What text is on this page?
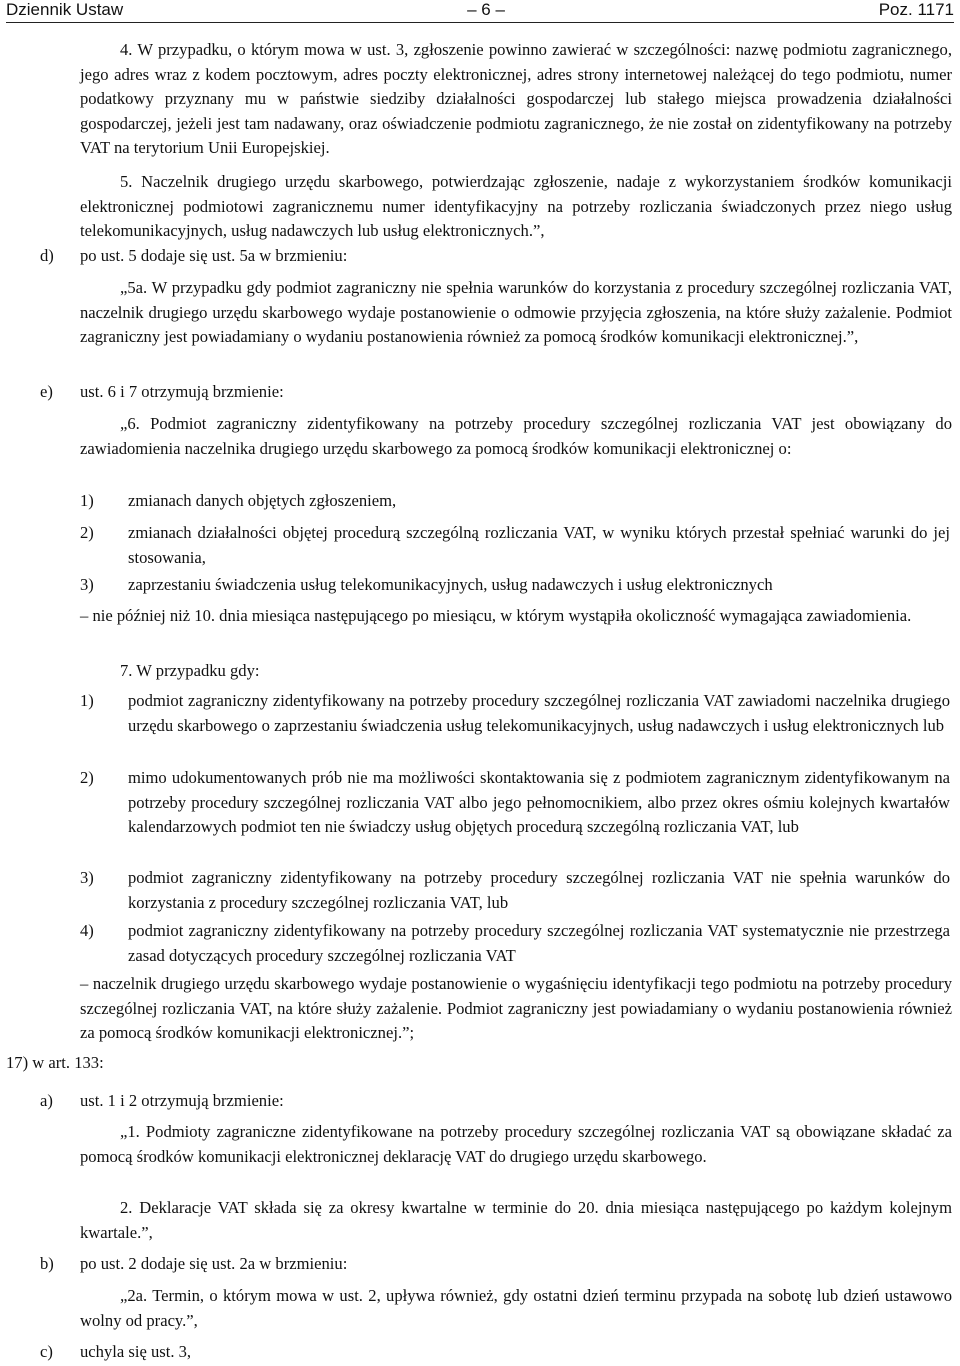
Dziennik Ustaw	– 6 –	Poz. 1171
4. W przypadku, o którym mowa w ust. 3, zgłoszenie powinno zawierać w szczególności: nazwę podmiotu zagranicznego, jego adres wraz z kodem pocztowym, adres poczty elektronicznej, adres strony internetowej należącej do tego podmiotu, numer podatkowy przyznany mu w państwie siedziby działalności gospodarczej lub stałego miejsca prowadzenia działalności gospodarczej, jeżeli jest tam nadawany, oraz oświadczenie podmiotu zagranicznego, że nie został on zidentyfikowany na potrzeby VAT na terytorium Unii Europejskiej.
5. Naczelnik drugiego urzędu skarbowego, potwierdzając zgłoszenie, nadaje z wykorzystaniem środków komunikacji elektronicznej podmiotowi zagranicznemu numer identyfikacyjny na potrzeby rozliczania świadczonych przez niego usług telekomunikacyjnych, usług nadawczych lub usług elektronicznych.”,
d) po ust. 5 dodaje się ust. 5a w brzmieniu:
„5a. W przypadku gdy podmiot zagraniczny nie spełnia warunków do korzystania z procedury szczególnej rozliczania VAT, naczelnik drugiego urzędu skarbowego wydaje postanowienie o odmowie przyjęcia zgłoszenia, na które służy zażalenie. Podmiot zagraniczny jest powiadamiany o wydaniu postanowienia również za pomocą środków komunikacji elektronicznej.”,
e) ust. 6 i 7 otrzymują brzmienie:
„6. Podmiot zagraniczny zidentyfikowany na potrzeby procedury szczególnej rozliczania VAT jest obowiązany do zawiadomienia naczelnika drugiego urzędu skarbowego za pomocą środków komunikacji elektronicznej o:
1) zmianach danych objętych zgłoszeniem,
2) zmianach działalności objętej procedurą szczególną rozliczania VAT, w wyniku których przestał spełniać warunki do jej stosowania,
3) zaprzestaniu świadczenia usług telekomunikacyjnych, usług nadawczych i usług elektronicznych
– nie później niż 10. dnia miesiąca następującego po miesiącu, w którym wystąpiła okoliczność wymagająca zawiadomienia.
7. W przypadku gdy:
1) podmiot zagraniczny zidentyfikowany na potrzeby procedury szczególnej rozliczania VAT zawiadomi naczelnika drugiego urzędu skarbowego o zaprzestaniu świadczenia usług telekomunikacyjnych, usług nadawczych i usług elektronicznych lub
2) mimo udokumentowanych prób nie ma możliwości skontaktowania się z podmiotem zagranicznym zidentyfikowanym na potrzeby procedury szczególnej rozliczania VAT albo jego pełnomocnikiem, albo przez okres ośmiu kolejnych kwartałów kalendarzowych podmiot ten nie świadczy usług objętych procedurą szczególną rozliczania VAT, lub
3) podmiot zagraniczny zidentyfikowany na potrzeby procedury szczególnej rozliczania VAT nie spełnia warunków do korzystania z procedury szczególnej rozliczania VAT, lub
4) podmiot zagraniczny zidentyfikowany na potrzeby procedury szczególnej rozliczania VAT systematycznie nie przestrzega zasad dotyczących procedury szczególnej rozliczania VAT
– naczelnik drugiego urzędu skarbowego wydaje postanowienie o wygaśnięciu identyfikacji tego podmiotu na potrzeby procedury szczególnej rozliczania VAT, na które służy zażalenie. Podmiot zagraniczny jest powiadamiany o wydaniu postanowienia również za pomocą środków komunikacji elektronicznej.”;
17) w art. 133:
a) ust. 1 i 2 otrzymują brzmienie:
„1. Podmioty zagraniczne zidentyfikowane na potrzeby procedury szczególnej rozliczania VAT są obowiązane składać za pomocą środków komunikacji elektronicznej deklarację VAT do drugiego urzędu skarbowego.
2. Deklaracje VAT składa się za okresy kwartalne w terminie do 20. dnia miesiąca następującego po każdym kolejnym kwartale.”,
b) po ust. 2 dodaje się ust. 2a w brzmieniu:
„2a. Termin, o którym mowa w ust. 2, upływa również, gdy ostatni dzień terminu przypada na sobotę lub dzień ustawowo wolny od pracy.”,
c) uchyla się ust. 3,
